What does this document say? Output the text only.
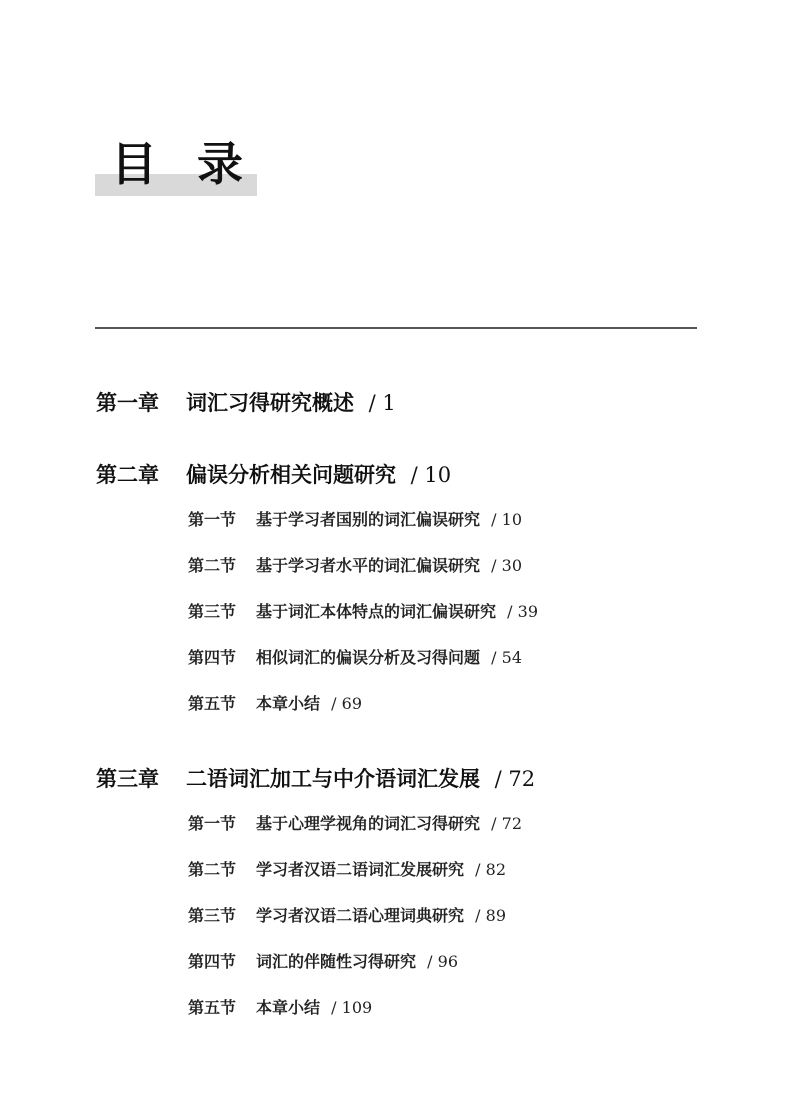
目录
第一章 词汇习得研究概述 / 1
第二章 偏误分析相关问题研究 / 10
第一节 基于学习者国别的词汇偏误研究 / 10
第二节 基于学习者水平的词汇偏误研究 / 30
第三节 基于词汇本体特点的词汇偏误研究 / 39
第四节 相似词汇的偏误分析及习得问题 / 54
第五节 本章小结 / 69
第三章 二语词汇加工与中介语词汇发展 / 72
第一节 基于心理学视角的词汇习得研究 / 72
第二节 学习者汉语二语词汇发展研究 / 82
第三节 学习者汉语二语心理词典研究 / 89
第四节 词汇的伴随性习得研究 / 96
第五节 本章小结 / 109
